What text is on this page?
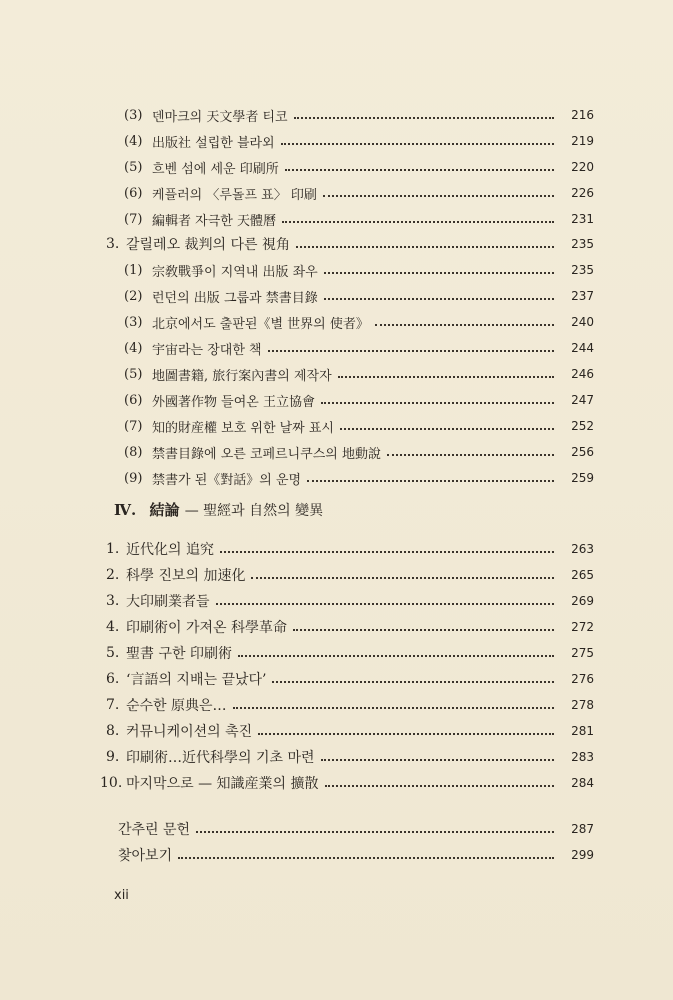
(3) 덴마크의 天文學者 티코	216
(4) 出版社 설립한 블라외	219
(5) 흐벤 섬에 세운 印刷所	220
(6) 케플러의 〈루돌프 표〉 印刷	226
(7) 編輯者 자극한 天體曆	231
3. 갈릴레오 裁判의 다른 視角	235
(1) 宗敎戰爭이 지역내 出版 좌우	235
(2) 런던의 出版 그룹과 禁書目錄	237
(3) 北京에서도 출판된《별 世界의 使者》	240
(4) 宇宙라는 장대한 책	244
(5) 地圖書籍, 旅行案內書의 제작자	246
(6) 外國著作物 들여온 王立協會	247
(7) 知的財産權 보호 위한 날짜 표시	252
(8) 禁書目錄에 오른 코페르니쿠스의 地動說	256
(9) 禁書가 된《對話》의 운명	259
Ⅳ. 結論 — 聖經과 自然의 變異
1. 近代化의 追究	263
2. 科學 진보의 加速化	265
3. 大印刷業者들	269
4. 印刷術이 가져온 科學革命	272
5. 聖書 구한 印刷術	275
6. ‘言語의 지배는 끝났다’	276
7. 순수한 原典은…	278
8. 커뮤니케이션의 촉진	281
9. 印刷術…近代科學의 기초 마련	283
10. 마지막으로 — 知識産業의 擴散	284
간추린 문헌	287
찾아보기	299
xii
